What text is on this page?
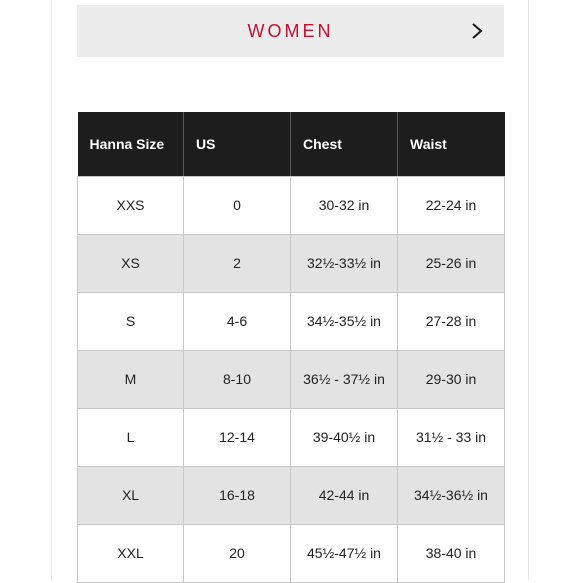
WOMEN
Hanna Size	US	Chest	Waist
XXS	0	30-32 in	22-24 in
XS	2	32½-33½ in	25-26 in
S	4-6	34½-35½ in	27-28 in
M	8-10	36½ - 37½ in	29-30 in
L	12-14	39-40½ in	31½ - 33 in
XL	16-18	42-44 in	34½-36½ in
XXL	20	45½-47½ in	38-40 in
